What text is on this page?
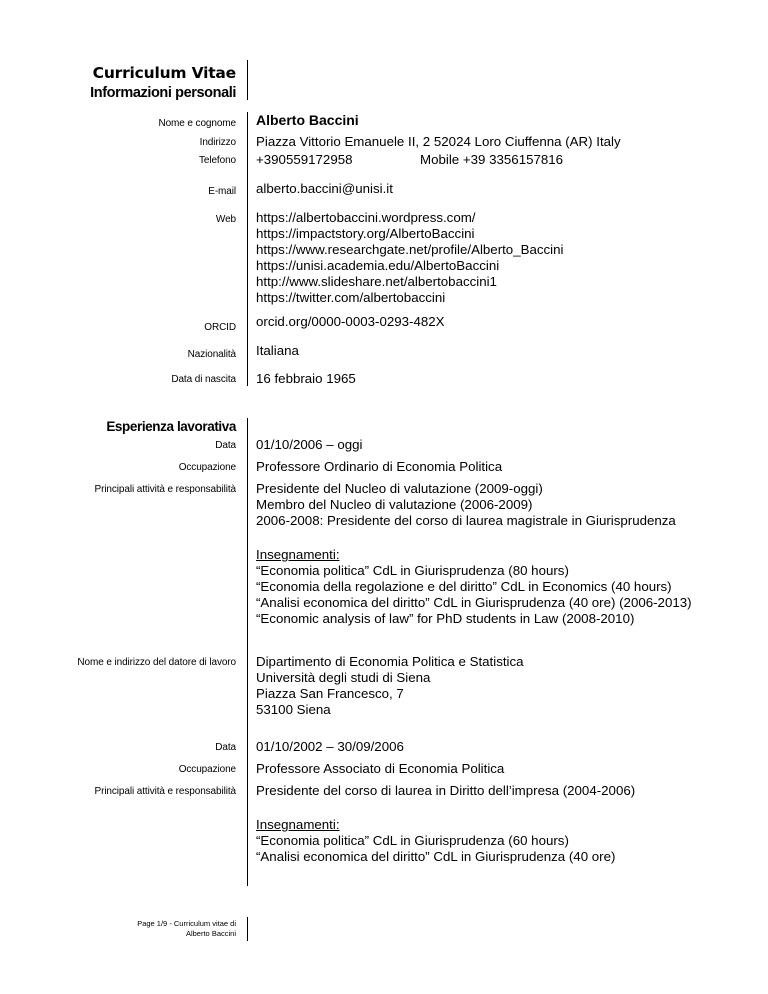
Curriculum Vitae
Informazioni personali
Nome e cognome Alberto Baccini
Indirizzo Piazza Vittorio Emanuele II, 2 52024 Loro Ciuffenna (AR) Italy
Telefono +390559172958	Mobile +39 3356157816
E-mail alberto.baccini@unisi.it
Web https://albertobaccini.wordpress.com/
https://impactstory.org/AlbertoBaccini
https://www.researchgate.net/profile/Alberto_Baccini
https://unisi.academia.edu/AlbertoBaccini
http://www.slideshare.net/albertobaccini1
https://twitter.com/albertobaccini
ORCID orcid.org/0000-0003-0293-482X
Nazionalità Italiana
Data di nascita 16 febbraio 1965
Esperienza lavorativa
Data 01/10/2006 – oggi
Occupazione Professore Ordinario di Economia Politica
Principali attività e responsabilità Presidente del Nucleo di valutazione (2009-oggi)
Membro del Nucleo di valutazione (2006-2009)
2006-2008: Presidente del corso di laurea magistrale in Giurisprudenza
Insegnamenti:
“Economia politica” CdL in Giurisprudenza (80 hours)
“Economia della regolazione e del diritto” CdL in Economics (40 hours)
“Analisi economica del diritto” CdL in Giurisprudenza (40 ore) (2006-2013)
“Economic analysis of law” for PhD students in Law (2008-2010)
Nome e indirizzo del datore di lavoro Dipartimento di Economia Politica e Statistica
Università degli studi di Siena
Piazza San Francesco, 7
53100 Siena
Data 01/10/2002 – 30/09/2006
Occupazione Professore Associato di Economia Politica
Principali attività e responsabilità Presidente del corso di laurea in Diritto dell’impresa (2004-2006)
Insegnamenti:
“Economia politica” CdL in Giurisprudenza (60 hours)
“Analisi economica del diritto” CdL in Giurisprudenza (40 ore)
Page 1/9 - Curriculum vitae di
Alberto Baccini
